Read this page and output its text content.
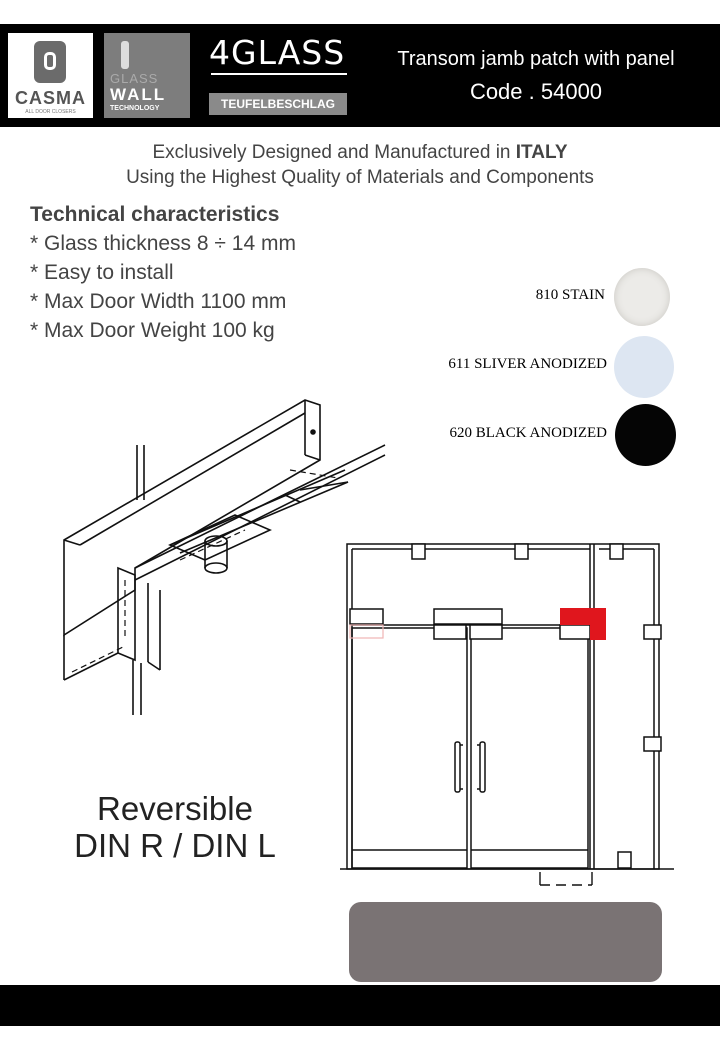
CASMA
ALL DOOR CLOSERS
GLASS
WALL
TECHNOLOGY
4GLASS
TEUFELBESCHLAG
Transom jamb patch with panel
Code . 54000
Exclusively Designed and Manufactured in ITALY
Using the Highest Quality of Materials and Components
Technical characteristics
* Glass thickness 8 ÷ 14 mm
* Easy to install
* Max Door Width 1100 mm
* Max Door Weight 100 kg
810 STAIN
611 SLIVER ANODIZED
620 BLACK ANODIZED
Reversible
DIN R / DIN L
